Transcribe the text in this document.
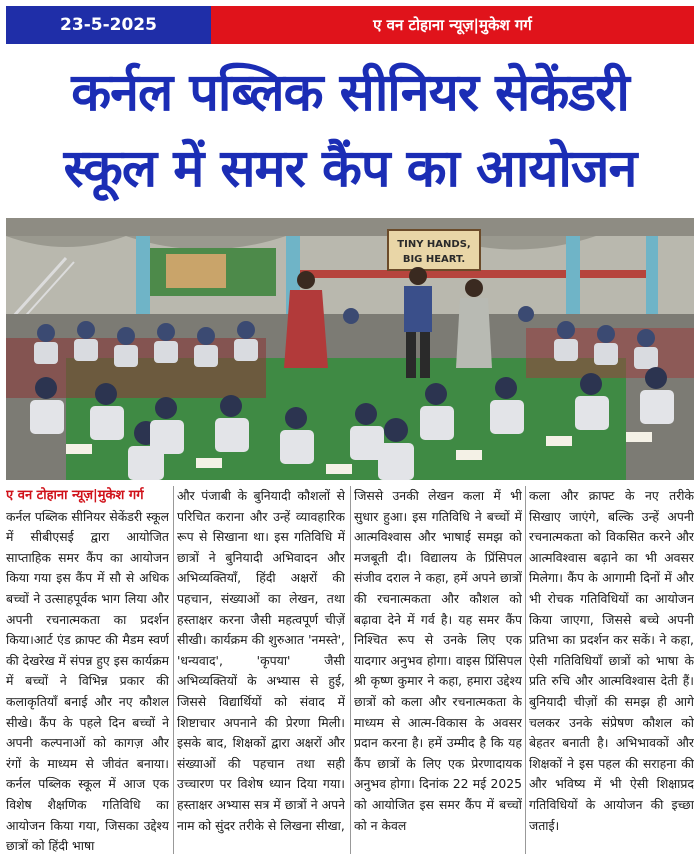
23-5-2025	ए वन टोहाना न्यूज़|मुकेश गर्ग
कर्नल पब्लिक सीनियर सेकेंडरी
स्कूल में समर कैंप का आयोजन
TINY HANDS,
BIG HEART.
ए वन टोहाना न्यूज़|मुकेश गर्ग

कर्नल पब्लिक सीनियर सेकेंडरी स्कूल में सीबीएसई द्वारा आयोजित साप्ताहिक समर कैंप का आयोजन किया गया इस कैंप में सौ से अधिक बच्चों ने उत्साहपूर्वक भाग लिया और अपनी रचनात्मकता का प्रदर्शन किया।आर्ट एंड क्राफ्ट की मैडम स्वर्ण की देखरेख में संपन्न हुए इस कार्यक्रम में बच्चों ने विभिन्न प्रकार की कलाकृतियाँ बनाई और नए कौशल सीखे। कैंप के पहले दिन बच्चों ने अपनी कल्पनाओं को कागज़ और रंगों के माध्यम से जीवंत बनाया। कर्नल पब्लिक स्कूल में आज एक विशेष शैक्षणिक गतिविधि का आयोजन किया गया, जिसका उद्देश्य छात्रों को हिंदी भाषा

और पंजाबी के बुनियादी कौशलों से परिचित कराना और उन्हें व्यावहारिक रूप से सिखाना था। इस गतिविधि में छात्रों ने बुनियादी अभिवादन और अभिव्यक्तियाँ, हिंदी अक्षरों की पहचान, संख्याओं का लेखन, तथा हस्ताक्षर करना जैसी महत्वपूर्ण चीज़ें सीखी। कार्यक्रम की शुरुआत 'नमस्ते', 'धन्यवाद', 'कृपया' जैसी अभिव्यक्तियों के अभ्यास से हुई, जिससे विद्यार्थियों को संवाद में शिष्टाचार अपनाने की प्रेरणा मिली। इसके बाद, शिक्षकों द्वारा अक्षरों और संख्याओं की पहचान तथा सही उच्चारण पर विशेष ध्यान दिया गया। हस्ताक्षर अभ्यास सत्र में छात्रों ने अपने नाम को सुंदर तरीके से लिखना सीखा,

जिससे उनकी लेखन कला में भी सुधार हुआ। इस गतिविधि ने बच्चों में आत्मविश्वास और भाषाई समझ को मजबूती दी। विद्यालय के प्रिंसिपल संजीव दराल ने कहा, हमें अपने छात्रों की रचनात्मकता और कौशल को बढ़ावा देने में गर्व है। यह समर कैंप निश्चित रूप से उनके लिए एक यादगार अनुभव होगा। वाइस प्रिंसिपल श्री कृष्ण कुमार ने कहा, हमारा उद्देश्य छात्रों को कला और रचनात्मकता के माध्यम से आत्म-विकास के अवसर प्रदान करना है। हमें उम्मीद है कि यह कैंप छात्रों के लिए एक प्रेरणादायक अनुभव होगा। दिनांक 22 मई 2025 को आयोजित इस समर कैंप में बच्चों को न केवल

कला और क्राफ्ट के नए तरीके सिखाए जाएंगे, बल्कि उन्हें अपनी रचनात्मकता को विकसित करने और आत्मविश्वास बढ़ाने का भी अवसर मिलेगा। कैंप के आगामी दिनों में और भी रोचक गतिविधियों का आयोजन किया जाएगा, जिससे बच्चे अपनी प्रतिभा का प्रदर्शन कर सकें। ने कहा, ऐसी गतिविधियाँ छात्रों को भाषा के प्रति रुचि और आत्मविश्वास देती हैं। बुनियादी चीज़ों की समझ ही आगे चलकर उनके संप्रेषण कौशल को बेहतर बनाती है। अभिभावकों और शिक्षकों ने इस पहल की सराहना की और भविष्य में भी ऐसी शिक्षाप्रद गतिविधियों के आयोजन की इच्छा जताई।
